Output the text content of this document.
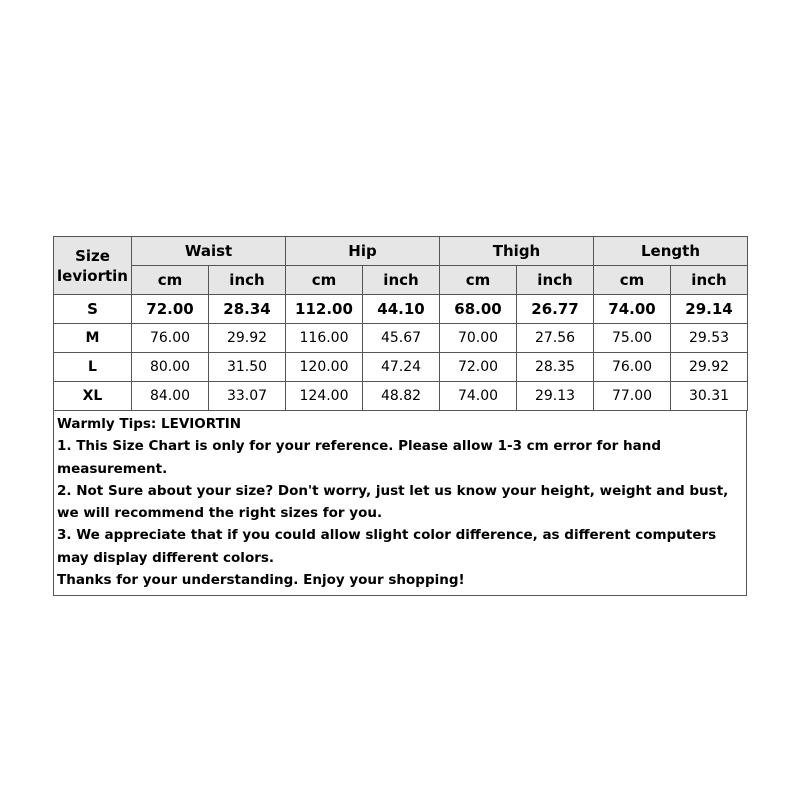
Size
leviortin	Waist		Hip		Thigh		Length	
	cm	inch	cm	inch	cm	inch	cm	inch
S	72.00	28.34	112.00	44.10	68.00	26.77	74.00	29.14
M	76.00	29.92	116.00	45.67	70.00	27.56	75.00	29.53
L	80.00	31.50	120.00	47.24	72.00	28.35	76.00	29.92
XL	84.00	33.07	124.00	48.82	74.00	29.13	77.00	30.31
Warmly Tips: LEVIORTIN
1. This Size Chart is only for your reference. Please allow 1-3 cm error for hand measurement.
2. Not Sure about your size? Don't worry, just let us know your height, weight and bust, we will recommend the right sizes for you.
3. We appreciate that if you could allow slight color difference, as different computers may display different colors.
Thanks for your understanding. Enjoy your shopping!
